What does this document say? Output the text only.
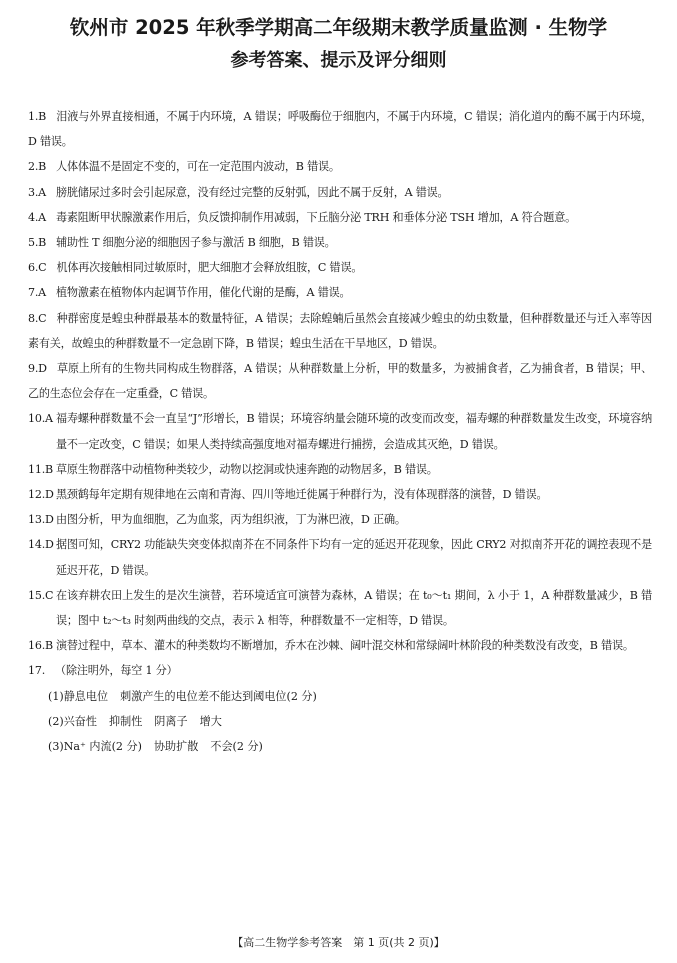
钦州市 2025 年秋季学期高二年级期末教学质量监测 · 生物学
参考答案、提示及评分细则
1.B 泪液与外界直接相通，不属于内环境，A 错误；呼吸酶位于细胞内，不属于内环境，C 错误；消化道内的酶不属于内环境，D 错误。
2.B 人体体温不是固定不变的，可在一定范围内波动，B 错误。
3.A 膀胱储尿过多时会引起尿意，没有经过完整的反射弧，因此不属于反射，A 错误。
4.A 毒素阻断甲状腺激素作用后，负反馈抑制作用减弱，下丘脑分泌 TRH 和垂体分泌 TSH 增加，A 符合题意。
5.B 辅助性 T 细胞分泌的细胞因子参与激活 B 细胞，B 错误。
6.C 机体再次接触相同过敏原时，肥大细胞才会释放组胺，C 错误。
7.A 植物激素在植物体内起调节作用，催化代谢的是酶，A 错误。
8.C 种群密度是蝗虫种群最基本的数量特征，A 错误；去除蝗蝻后虽然会直接减少蝗虫的幼虫数量，但种群数量还与迁入率等因素有关，故蝗虫的种群数量不一定急剧下降，B 错误；蝗虫生活在干旱地区，D 错误。
9.D 草原上所有的生物共同构成生物群落，A 错误；从种群数量上分析，甲的数量多，为被捕食者，乙为捕食者，B 错误；甲、乙的生态位会存在一定重叠，C 错误。
10.A 福寿螺种群数量不会一直呈“J”形增长，B 错误；环境容纳量会随环境的改变而改变，福寿螺的种群数量发生改变，环境容纳量不一定改变，C 错误；如果人类持续高强度地对福寿螺进行捕捞，会造成其灭绝，D 错误。
11.B 草原生物群落中动植物种类较少，动物以挖洞或快速奔跑的动物居多，B 错误。
12.D 黑颈鹤每年定期有规律地在云南和青海、四川等地迁徙属于种群行为，没有体现群落的演替，D 错误。
13.D 由图分析，甲为血细胞，乙为血浆，丙为组织液，丁为淋巴液，D 正确。
14.D 据图可知，CRY2 功能缺失突变体拟南芥在不同条件下均有一定的延迟开花现象，因此 CRY2 对拟南芥开花的调控表现不是延迟开花，D 错误。
15.C 在该弃耕农田上发生的是次生演替，若环境适宜可演替为森林，A 错误；在 t₀～t₁ 期间，λ 小于 1，A 种群数量减少，B 错误；图中 t₂～t₃ 时刻两曲线的交点，表示 λ 相等，种群数量不一定相等，D 错误。
16.B 演替过程中，草本、灌木的种类数均不断增加，乔木在沙棘、阔叶混交林和常绿阔叶林阶段的种类数没有改变，B 错误。
17. （除注明外，每空 1 分）
(1)静息电位 刺激产生的电位差不能达到阈电位(2 分)
(2)兴奋性 抑制性 阴离子 增大
(3)Na⁺ 内流(2 分) 协助扩散 不会(2 分)
【高二生物学参考答案　第 1 页(共 2 页)】
